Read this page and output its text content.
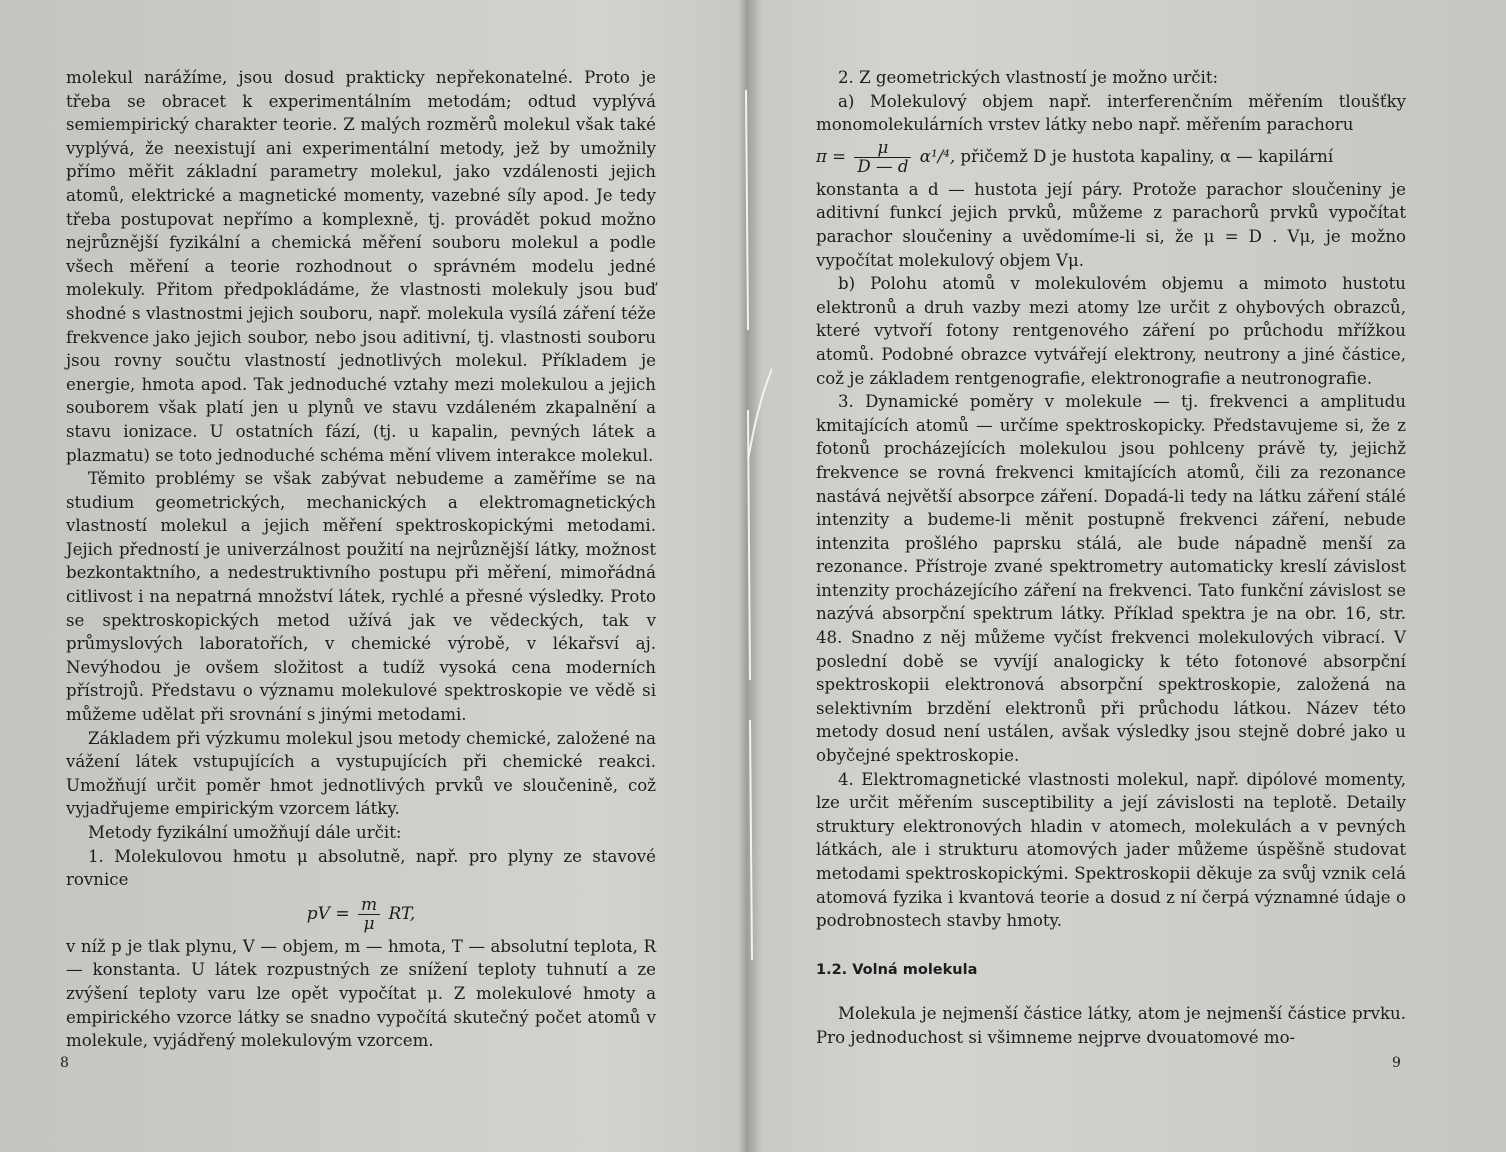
molekul narážíme, jsou dosud prakticky nepřekonatelné. Proto je třeba se obracet k experimentálním metodám; odtud vyplývá semiempirický charakter teorie. Z malých rozměrů molekul však také vyplývá, že neexistují ani experimentální metody, jež by umožnily přímo měřit základní parametry molekul, jako vzdálenosti jejich atomů, elektrické a magnetické momenty, vazebné síly apod. Je tedy třeba postupovat nepřímo a komplexně, tj. provádět pokud možno nejrůznější fyzikální a chemická měření souboru molekul a podle všech měření a teorie rozhodnout o správném modelu jedné molekuly. Přitom předpokládáme, že vlastnosti molekuly jsou buď shodné s vlastnostmi jejich souboru, např. molekula vysílá záření téže frekvence jako jejich soubor, nebo jsou aditivní, tj. vlastnosti souboru jsou rovny součtu vlastností jednotlivých molekul. Příkladem je energie, hmota apod. Tak jednoduché vztahy mezi molekulou a jejich souborem však platí jen u plynů ve stavu vzdáleném zkapalnění a stavu ionizace. U ostatních fází, (tj. u kapalin, pevných látek a plazmatu) se toto jednoduché schéma mění vlivem interakce molekul.

Těmito problémy se však zabývat nebudeme a zaměříme se na studium geometrických, mechanických a elektromagnetických vlastností molekul a jejich měření spektroskopickými metodami. Jejich předností je univerzálnost použití na nejrůznější látky, možnost bezkontaktního, a nedestruktivního postupu při měření, mimořádná citlivost i na nepatrná množství látek, rychlé a přesné výsledky. Proto se spektroskopických metod užívá jak ve vědeckých, tak v průmyslových laboratořích, v chemické výrobě, v lékařsví aj. Nevýhodou je ovšem složitost a tudíž vysoká cena moderních přístrojů. Představu o významu molekulové spektroskopie ve vědě si můžeme udělat při srovnání s jinými metodami.

Základem při výzkumu molekul jsou metody chemické, založené na vážení látek vstupujících a vystupujících při chemické reakci. Umožňují určit poměr hmot jednotlivých prvků ve sloučenině, což vyjadřujeme empirickým vzorcem látky.

Metody fyzikální umožňují dále určit:

1. Molekulovou hmotu μ absolutně, např. pro plyny ze stavové rovnice

pV = $\frac{m}{\mu}$ RT,

v níž p je tlak plynu, V — objem, m — hmota, T — absolutní teplota, R — konstanta. U látek rozpustných ze snížení teploty tuhnutí a ze zvýšení teploty varu lze opět vypočítat μ. Z molekulové hmoty a empirického vzorce látky se snadno vypočítá skutečný počet atomů v molekule, vyjádřený molekulovým vzorcem.

8

2. Z geometrických vlastností je možno určit:

a) Molekulový objem např. interferenčním měřením tloušťky monomolekulárních vrstev látky nebo např. měřením parachoru

$\pi = \frac{\mu}{D — d} \alpha^1/^4$, přičemž D je hustota kapaliny, α — kapilární

konstanta a d — hustota její páry. Protože parachor sloučeniny je aditivní funkcí jejich prvků, můžeme z parachorů prvků vypočítat parachor sloučeniny a uvědomíme-li si, že μ = D . Vμ, je možno vypočítat molekulový objem Vμ.

b) Polohu atomů v molekulovém objemu a mimoto hustotu elektronů a druh vazby mezi atomy lze určit z ohybových obrazců, které vytvoří fotony rentgenového záření po průchodu mřížkou atomů. Podobné obrazce vytvářejí elektrony, neutrony a jiné částice, což je základem rentgenografie, elektronografie a neutronografie.

3. Dynamické poměry v molekule — tj. frekvenci a amplitudu kmitajících atomů — určíme spektroskopicky. Představujeme si, že z fotonů procházejících molekulou jsou pohlceny právě ty, jejichž frekvence se rovná frekvenci kmitajících atomů, čili za rezonance nastává největší absorpce záření. Dopadá-li tedy na látku záření stálé intenzity a budeme-li měnit postupně frekvenci záření, nebude intenzita prošlého paprsku stálá, ale bude nápadně menší za rezonance. Přístroje zvané spektrometry automaticky kreslí závislost intenzity procházejícího záření na frekvenci. Tato funkční závislost se nazývá absorpční spektrum látky. Příklad spektra je na obr. 16, str. 48. Snadno z něj můžeme vyčíst frekvenci molekulových vibrací. V poslední době se vyvíjí analogicky k této fotonové absorpční spektroskopii elektronová absorpční spektroskopie, založená na selektivním brzdění elektronů při průchodu látkou. Název této metody dosud není ustálen, avšak výsledky jsou stejně dobré jako u obyčejné spektroskopie.

4. Elektromagnetické vlastnosti molekul, např. dipólové momenty, lze určit měřením susceptibility a její závislosti na teplotě. Detaily struktury elektronových hladin v atomech, molekulách a v pevných látkách, ale i strukturu atomových jader můžeme úspěšně studovat metodami spektroskopickými. Spektroskopii děkuje za svůj vznik celá atomová fyzika i kvantová teorie a dosud z ní čerpá významné údaje o podrobnostech stavby hmoty.

1.2. Volná molekula

Molekula je nejmenší částice látky, atom je nejmenší částice prvku. Pro jednoduchost si všimneme nejprve dvouatomové mo-

9
